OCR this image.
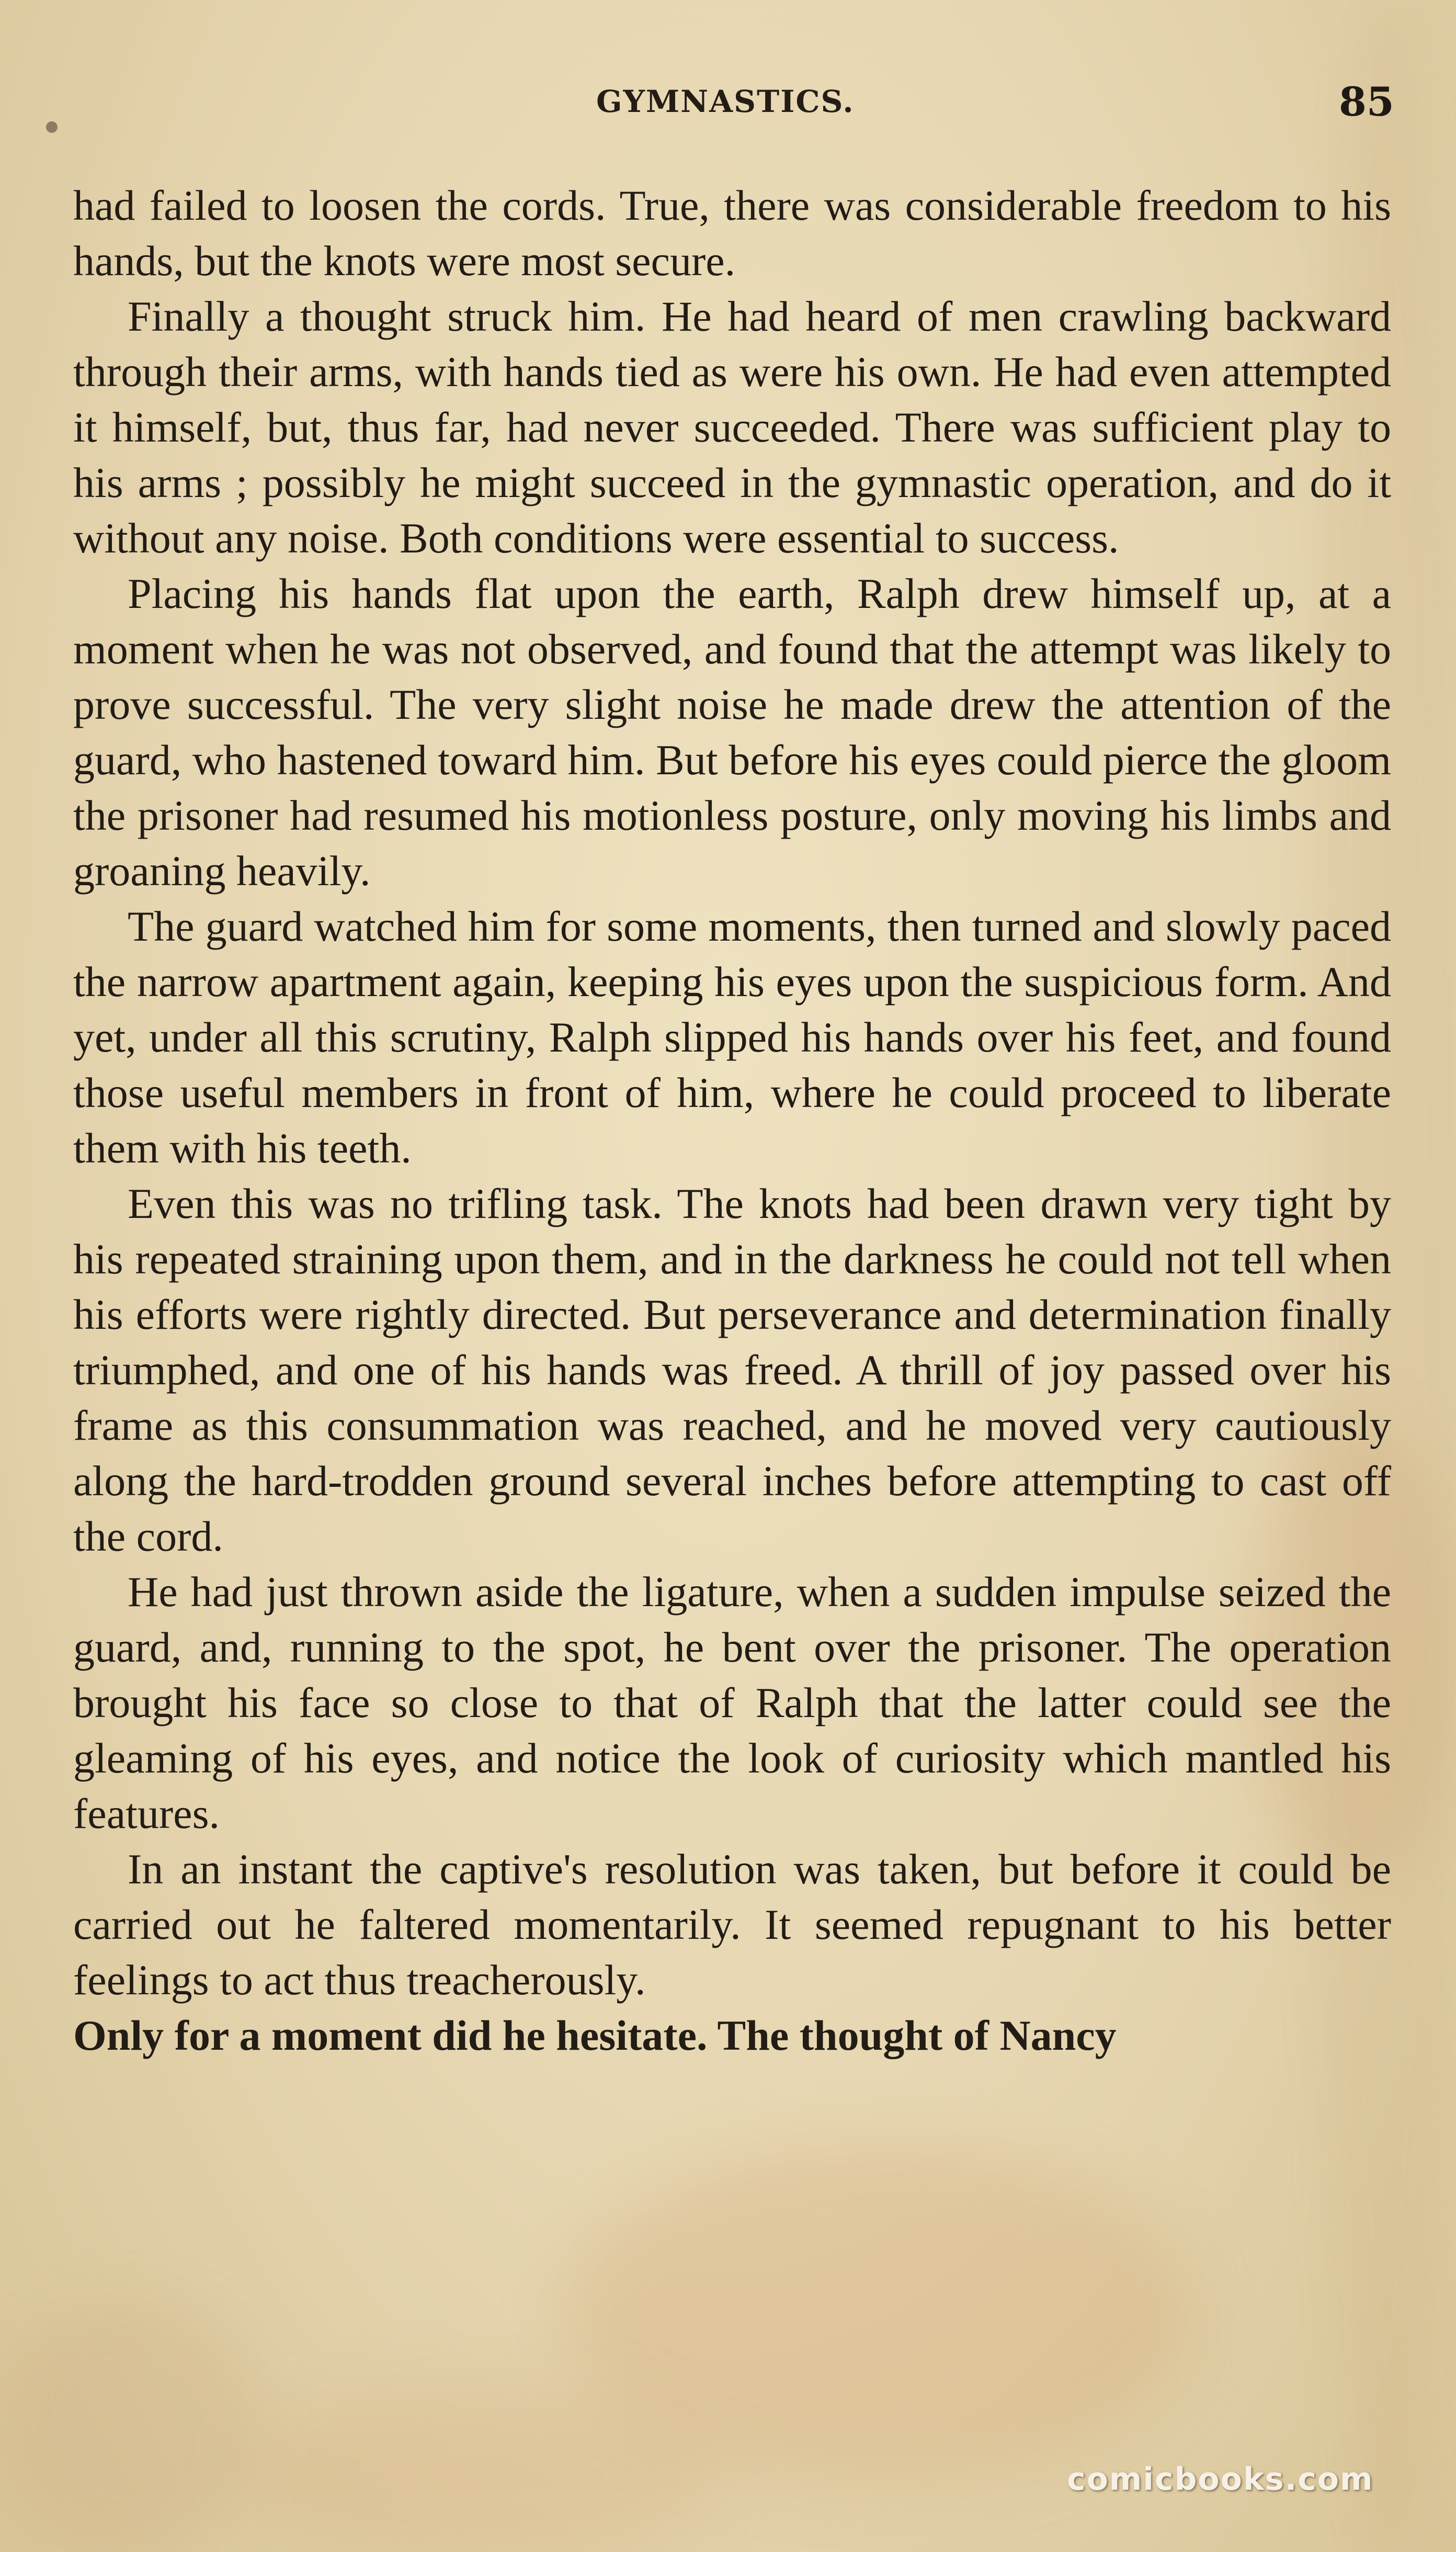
GYMNASTICS.	85

had failed to loosen the cords. True, there was considerable freedom to his hands, but the knots were most secure.

Finally a thought struck him. He had heard of men crawling backward through their arms, with hands tied as were his own. He had even attempted it himself, but, thus far, had never succeeded. There was sufficient play to his arms ; possibly he might succeed in the gymnastic operation, and do it without any noise. Both conditions were essential to success.

Placing his hands flat upon the earth, Ralph drew himself up, at a moment when he was not observed, and found that the attempt was likely to prove successful. The very slight noise he made drew the attention of the guard, who hastened toward him. But before his eyes could pierce the gloom the prisoner had resumed his motionless posture, only moving his limbs and groaning heavily.

The guard watched him for some moments, then turned and slowly paced the narrow apartment again, keeping his eyes upon the suspicious form. And yet, under all this scrutiny, Ralph slipped his hands over his feet, and found those useful members in front of him, where he could proceed to liberate them with his teeth.

Even this was no trifling task. The knots had been drawn very tight by his repeated straining upon them, and in the darkness he could not tell when his efforts were rightly directed. But perseverance and determination finally triumphed, and one of his hands was freed. A thrill of joy passed over his frame as this consummation was reached, and he moved very cautiously along the hard-trodden ground several inches before attempting to cast off the cord.

He had just thrown aside the ligature, when a sudden impulse seized the guard, and, running to the spot, he bent over the prisoner. The operation brought his face so close to that of Ralph that the latter could see the gleaming of his eyes, and notice the look of curiosity which mantled his features.

In an instant the captive's resolution was taken, but before it could be carried out he faltered momentarily. It seemed repugnant to his better feelings to act thus treacherously.

Only for a moment did he hesitate. The thought of Nancy

comicbooks.com
